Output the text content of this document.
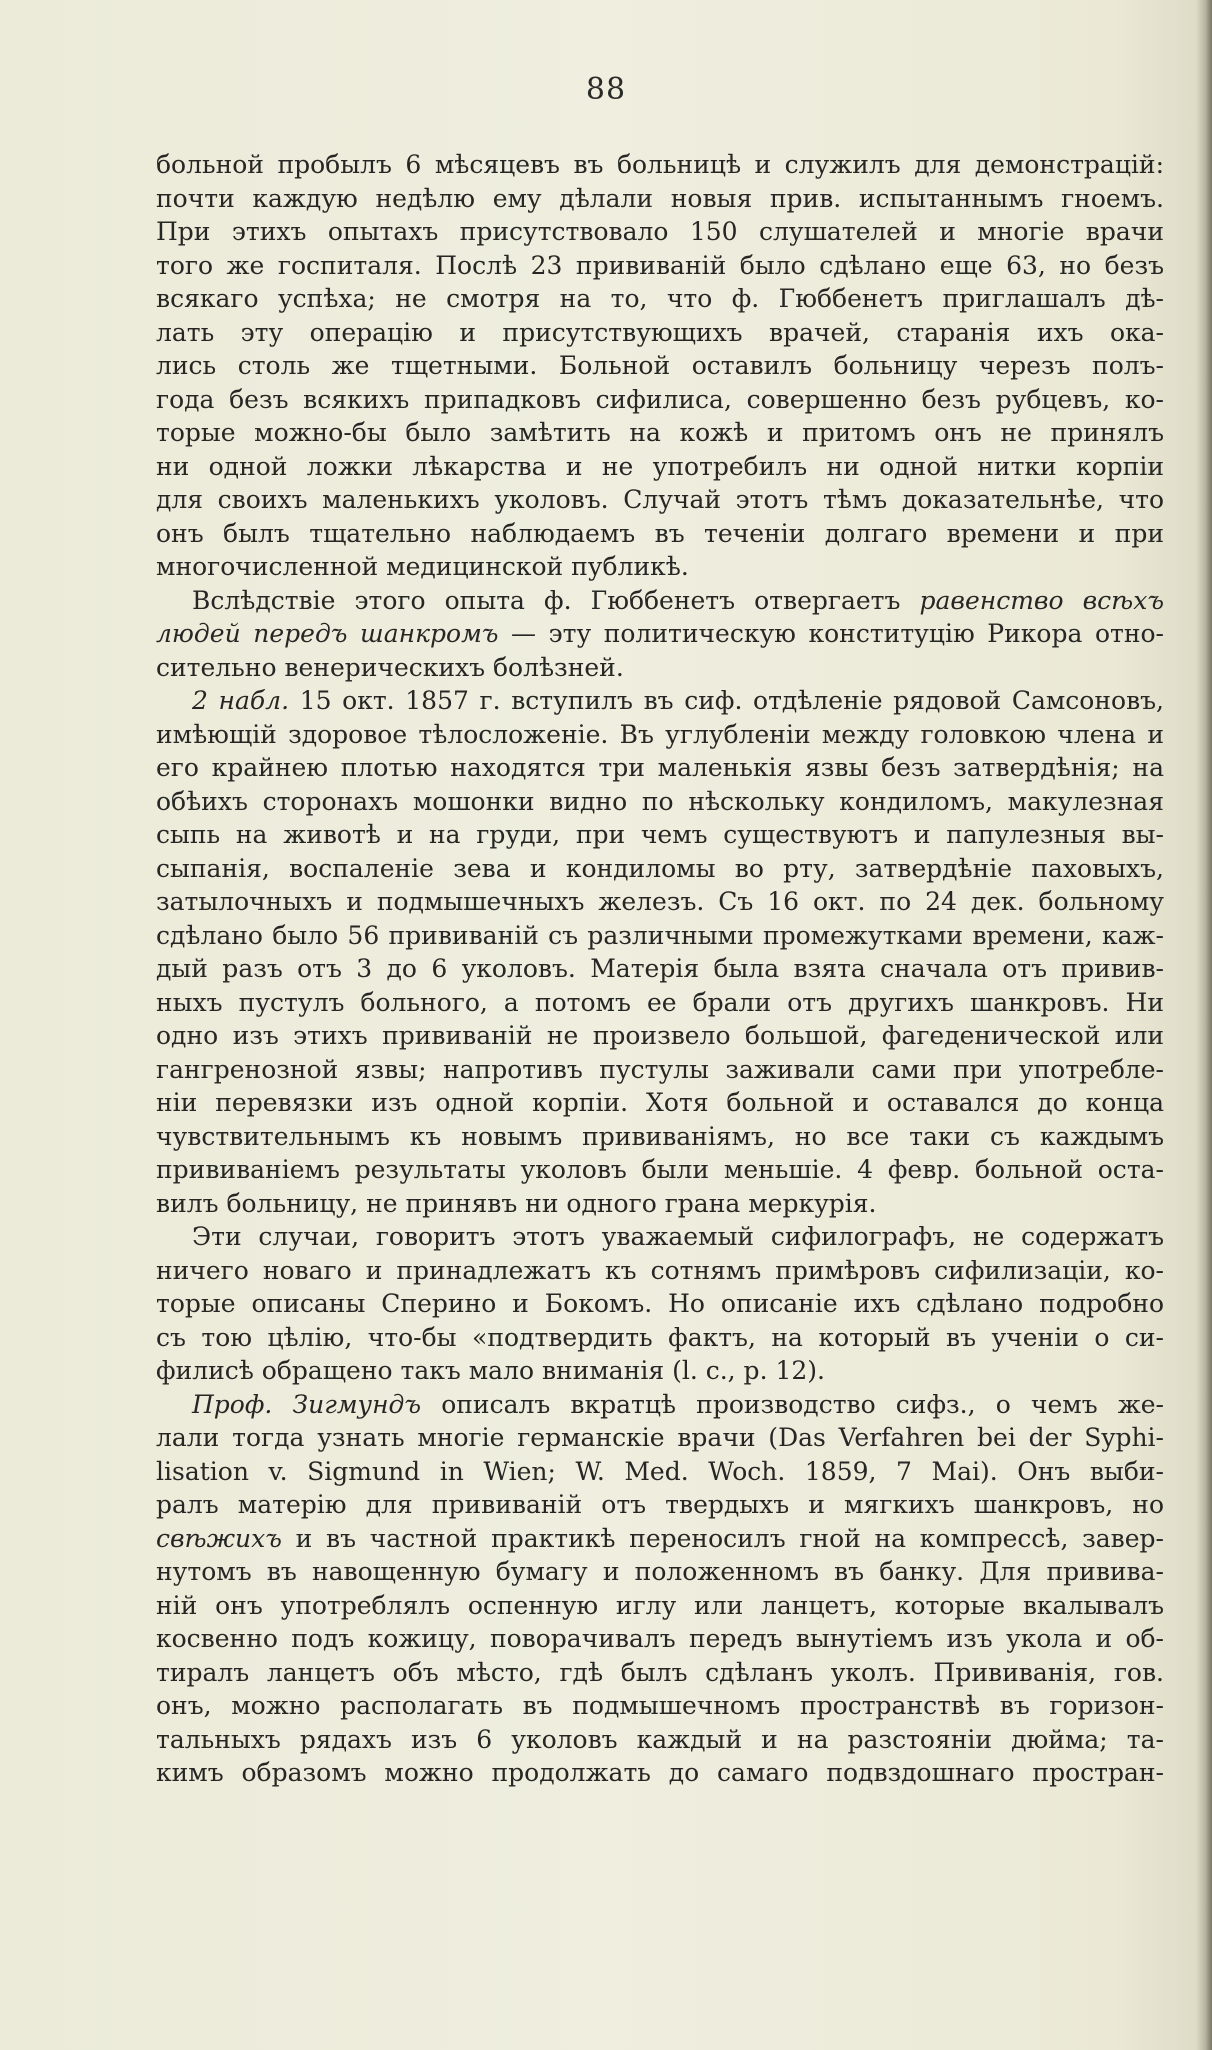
88
больной пробылъ 6 мѣсяцевъ въ больницѣ и служилъ для демонстрацій:
почти каждую недѣлю ему дѣлали новыя прив. испытаннымъ гноемъ.
При этихъ опытахъ присутствовало 150 слушателей и многіе врачи
того же госпиталя. Послѣ 23 прививаній было сдѣлано еще 63, но безъ
всякаго успѣха; не смотря на то, что ф. Гюббенетъ приглашалъ дѣ-
лать эту операцію и присутствующихъ врачей, старанія ихъ ока-
лись столь же тщетными. Больной оставилъ больницу черезъ полъ-
года безъ всякихъ припадковъ сифилиса, совершенно безъ рубцевъ, ко-
торые можно-бы было замѣтить на кожѣ и притомъ онъ не принялъ
ни одной ложки лѣкарства и не употребилъ ни одной нитки корпіи
для своихъ маленькихъ уколовъ. Случай этотъ тѣмъ доказательнѣе, что
онъ былъ тщательно наблюдаемъ въ теченіи долгаго времени и при
многочисленной медицинской публикѣ.
Вслѣдствіе этого опыта ф. Гюббенетъ отвергаетъ равенство всѣхъ
людей передъ шанкромъ — эту политическую конституцію Рикора отно-
сительно венерическихъ болѣзней.
2 набл. 15 окт. 1857 г. вступилъ въ сиф. отдѣленіе рядовой Самсоновъ,
имѣющій здоровое тѣлосложеніе. Въ углубленіи между головкою члена и
его крайнею плотью находятся три маленькія язвы безъ затвердѣнія; на
обѣихъ сторонахъ мошонки видно по нѣскольку кондиломъ, макулезная
сыпь на животѣ и на груди, при чемъ существуютъ и папулезныя вы-
сыпанія, воспаленіе зева и кондиломы во рту, затвердѣніе паховыхъ,
затылочныхъ и подмышечныхъ железъ. Съ 16 окт. по 24 дек. больному
сдѣлано было 56 прививаній съ различными промежутками времени, каж-
дый разъ отъ 3 до 6 уколовъ. Матерія была взята сначала отъ привив-
ныхъ пустулъ больного, а потомъ ее брали отъ другихъ шанкровъ. Ни
одно изъ этихъ прививаній не произвело большой, фагеденической или
гангренозной язвы; напротивъ пустулы заживали сами при употребле-
ніи перевязки изъ одной корпіи. Хотя больной и оставался до конца
чувствительнымъ къ новымъ прививаніямъ, но все таки съ каждымъ
прививаніемъ результаты уколовъ были меньшіе. 4 февр. больной оста-
вилъ больницу, не принявъ ни одного грана меркурія.
Эти случаи, говоритъ этотъ уважаемый сифилографъ, не содержатъ
ничего новаго и принадлежатъ къ сотнямъ примѣровъ сифилизаціи, ко-
торые описаны Сперино и Бокомъ. Но описаніе ихъ сдѣлано подробно
съ тою цѣлію, что-бы «подтвердить фактъ, на который въ ученіи о си-
филисѣ обращено такъ мало вниманія (l. c., p. 12).
Проф. Зигмундъ описалъ вкратцѣ производство сифз., о чемъ же-
лали тогда узнать многіе германскіе врачи (Das Verfahren bei der Syphi-
lisation v. Sigmund in Wien; W. Med. Woch. 1859, 7 Mai). Онъ выби-
ралъ матерію для прививаній отъ твердыхъ и мягкихъ шанкровъ, но
свѣжихъ и въ частной практикѣ переносилъ гной на компрессѣ, завер-
нутомъ въ навощенную бумагу и положенномъ въ банку. Для привива-
ній онъ употреблялъ оспенную иглу или ланцетъ, которые вкалывалъ
косвенно подъ кожицу, поворачивалъ передъ вынутіемъ изъ укола и об-
тиралъ ланцетъ объ мѣсто, гдѣ былъ сдѣланъ уколъ. Прививанія, гов.
онъ, можно располагать въ подмышечномъ пространствѣ въ горизон-
тальныхъ рядахъ изъ 6 уколовъ каждый и на разстояніи дюйма; та-
кимъ образомъ можно продолжать до самаго подвздошнаго простран-
